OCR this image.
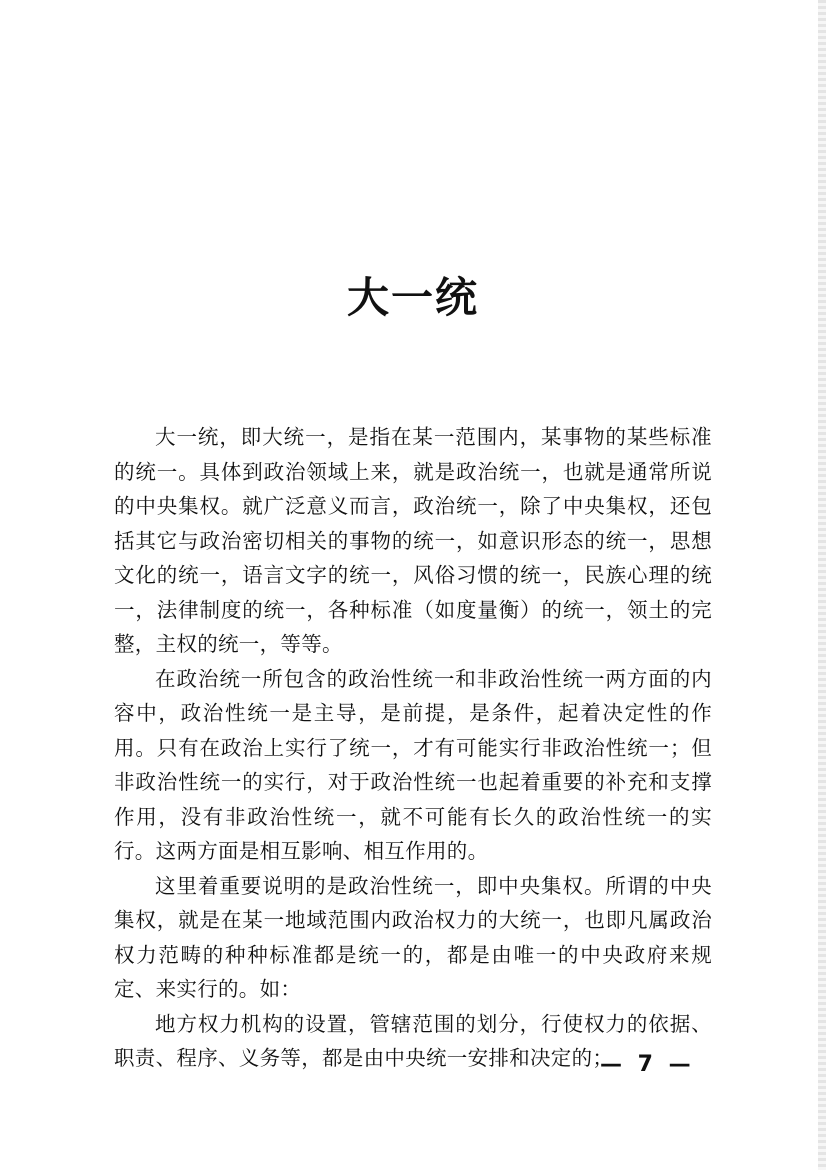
大一统

大一统，即大统一，是指在某一范围内，某事物的某些标准的统一。具体到政治领域上来，就是政治统一，也就是通常所说的中央集权。就广泛意义而言，政治统一，除了中央集权，还包括其它与政治密切相关的事物的统一，如意识形态的统一，思想文化的统一，语言文字的统一，风俗习惯的统一，民族心理的统一，法律制度的统一，各种标准（如度量衡）的统一，领土的完整，主权的统一，等等。

在政治统一所包含的政治性统一和非政治性统一两方面的内容中，政治性统一是主导，是前提，是条件，起着决定性的作用。只有在政治上实行了统一，才有可能实行非政治性统一；但非政治性统一的实行，对于政治性统一也起着重要的补充和支撑作用，没有非政治性统一，就不可能有长久的政治性统一的实行。这两方面是相互影响、相互作用的。

这里着重要说明的是政治性统一，即中央集权。所谓的中央集权，就是在某一地域范围内政治权力的大统一，也即凡属政治权力范畴的种种标准都是统一的，都是由唯一的中央政府来规定、来实行的。如：

地方权力机构的设置，管辖范围的划分，行使权力的依据、职责、程序、义务等，都是由中央统一安排和决定的；

— 7 —
